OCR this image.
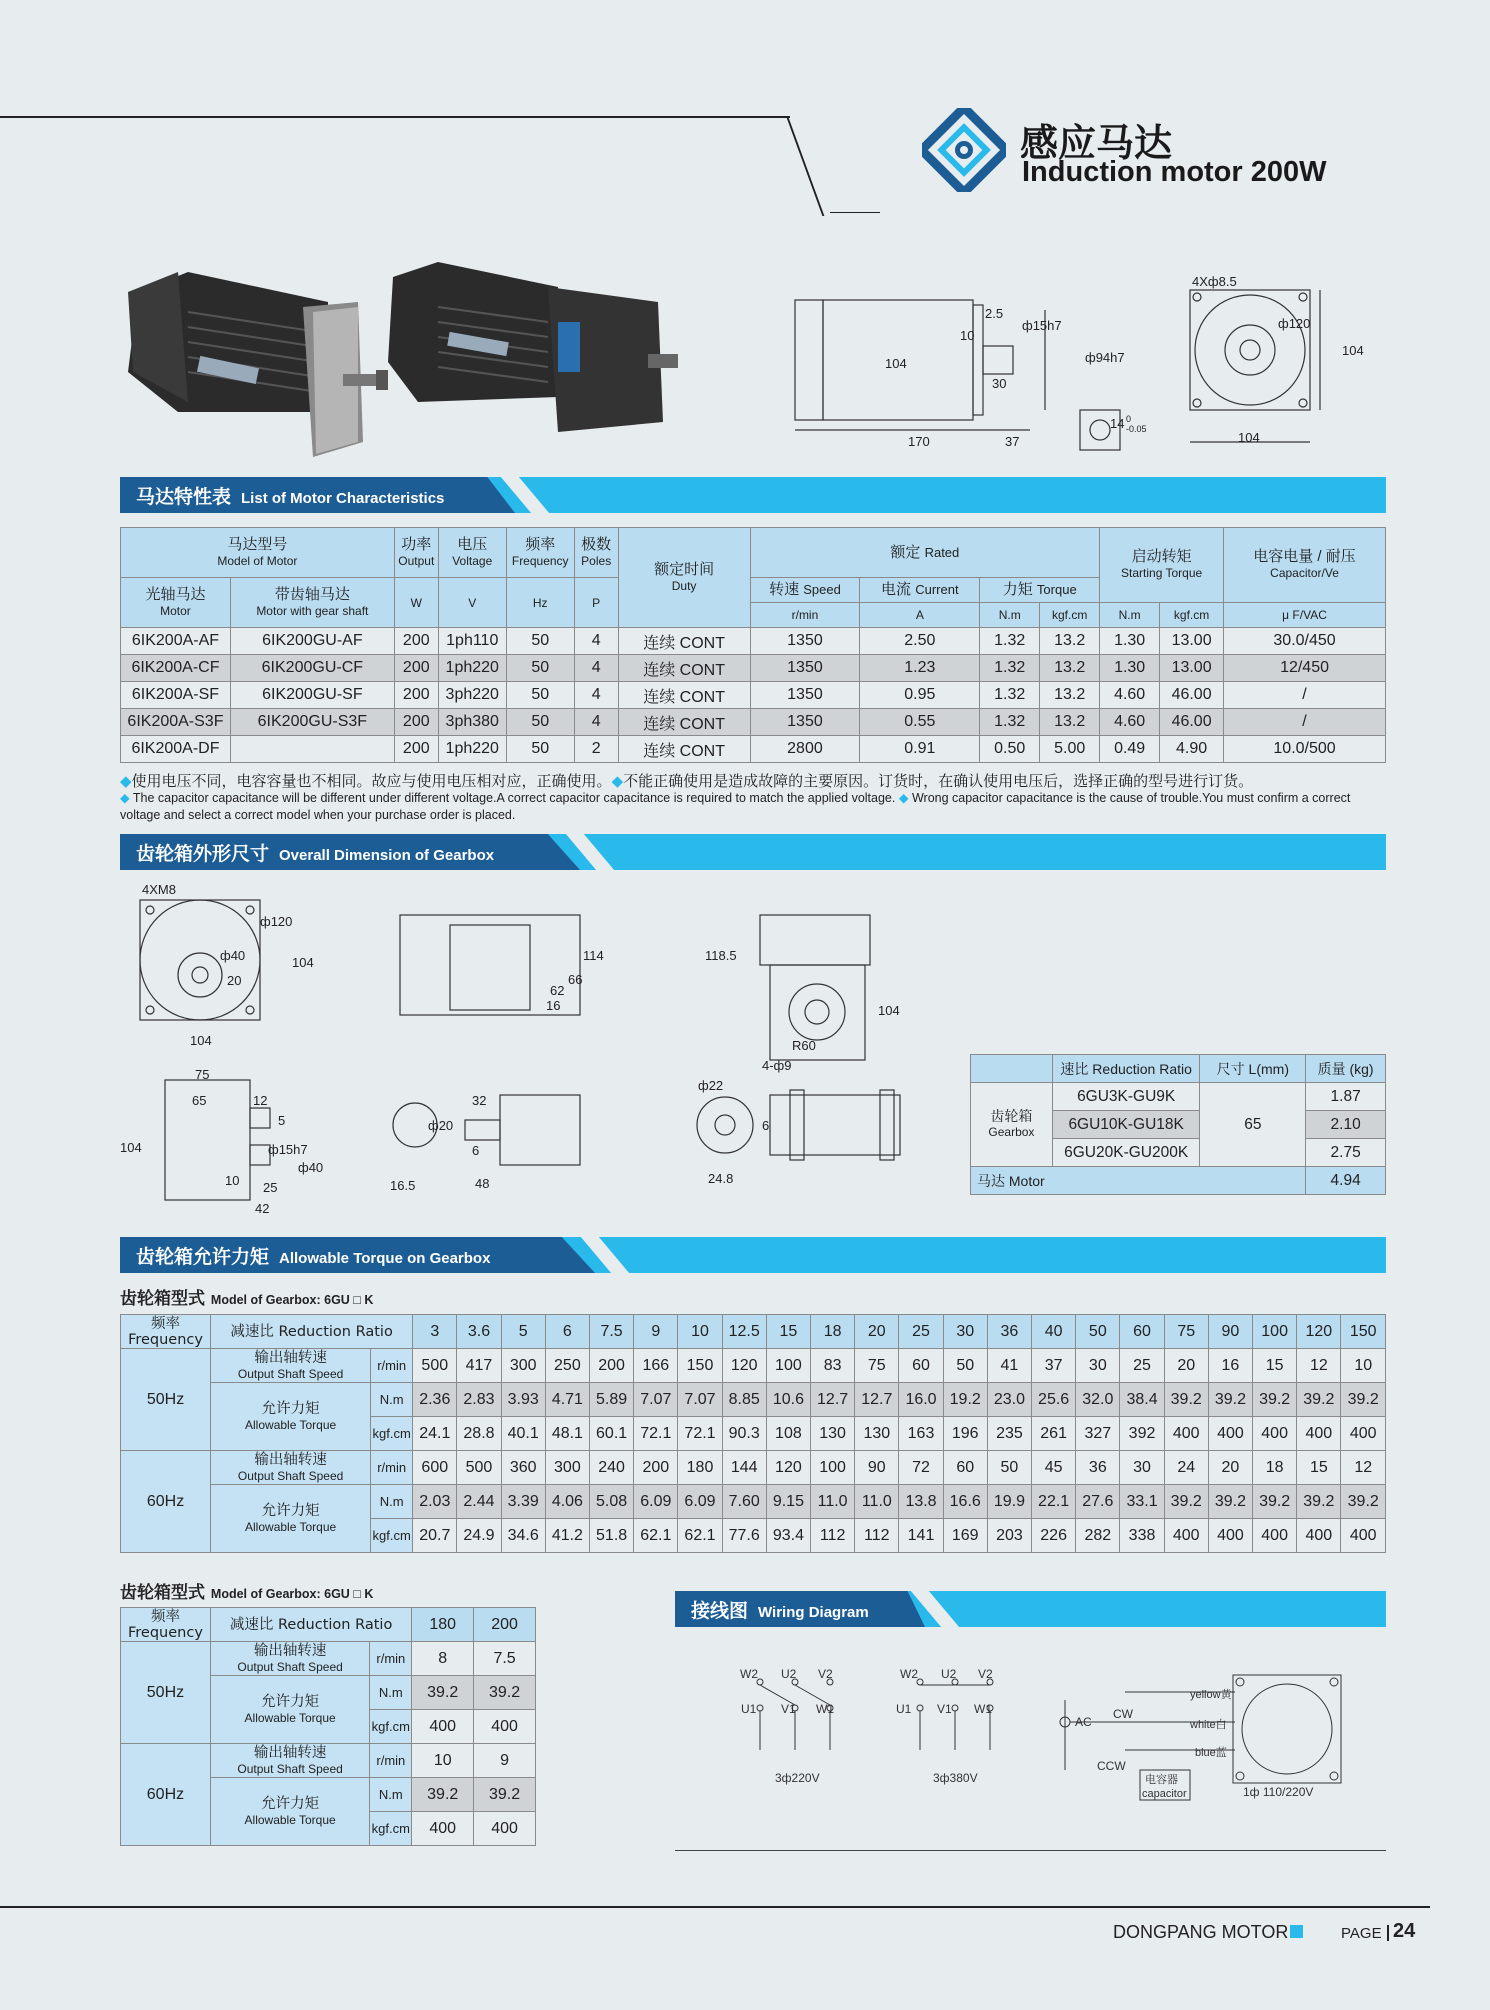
感应马达
Induction motor 200W
2.5
ф15h7
10
104	ф94h7
30
170	37
14 0
-0.05
4Xф8.5
ф120
104
104
马达特性表 List of Motor Characteristics
马达型号
Model of Motor		功率
Output	电压
Voltage	频率
Frequency	极数
Poles	额定时间
Duty	额定 Rated				启动转矩
Starting Torque		电容电量 / 耐压
Capacitor/Ve

光轴马达
Motor	带齿轴马达
Motor with gear shaft	W	V	Hz	P		转速 Speed	电流 Current	力矩 Torque				
							r/min	A	N.m	kgf.cm	N.m	kgf.cm	μ F/VAC
6IK200A-AF	6IK200GU-AF	200	1ph110	50	4	连续 CONT	1350	2.50	1.32	13.2	1.30	13.00	30.0/450
6IK200A-CF	6IK200GU-CF	200	1ph220	50	4	连续 CONT	1350	1.23	1.32	13.2	1.30	13.00	12/450
6IK200A-SF	6IK200GU-SF	200	3ph220	50	4	连续 CONT	1350	0.95	1.32	13.2	4.60	46.00	/
6IK200A-S3F	6IK200GU-S3F	200	3ph380	50	4	连续 CONT	1350	0.55	1.32	13.2	4.60	46.00	/
6IK200A-DF		200	1ph220	50	2	连续 CONT	2800	0.91	0.50	5.00	0.49	4.90	10.0/500
◆使用电压不同，电容容量也不相同。故应与使用电压相对应，正确使用。◆不能正确使用是造成故障的主要原因。订货时，在确认使用电压后，选择正确的型号进行订货。
◆ The capacitor capacitance will be different under different voltage.A correct capacitor capacitance is required to match the applied voltage. ◆ Wrong capacitor capacitance is the cause of trouble.You must confirm a correct voltage and select a correct model when your purchase order is placed.
齿轮箱外形尺寸 Overall Dimension of Gearbox
4XM8
ф120
ф40
20
104
104
114
66
62
16
118.5
104
R60
4-ф9
75
65	12
5
ф15h7
ф40
104
10 25
42
ф20
16.5
32
6
48
ф22
6
24.8
	速比 Reduction Ratio	尺寸 L(mm)	质量 (kg)
齿轮箱
Gearbox	6GU3K-GU9K	65	1.87
	6GU10K-GU18K		2.10
	6GU20K-GU200K		2.75
马达 Motor			4.94
齿轮箱允许力矩 Allowable Torque on Gearbox
齿轮箱型式 Model of Gearbox: 6GU □ K
频率 Frequency	减速比 Reduction Ratio		3	3.6	5	6	7.5	9	10	12.5	15	18	20	25	30	36	40	50	60	75	90	100	120	150
50Hz	输出轴转速
Output Shaft Speed	r/min	500	417	300	250	200	166	150	120	100	83	75	60	50	41	37	30	25	20	16	15	12	10
	允许力矩
Allowable Torque	N.m	2.36	2.83	3.93	4.71	5.89	7.07	7.07	8.85	10.6	12.7	12.7	16.0	19.2	23.0	25.6	32.0	38.4	39.2	39.2	39.2	39.2	39.2
		kgf.cm	24.1	28.8	40.1	48.1	60.1	72.1	72.1	90.3	108	130	130	163	196	235	261	327	392	400	400	400	400	400
60Hz	输出轴转速
Output Shaft Speed	r/min	600	500	360	300	240	200	180	144	120	100	90	72	60	50	45	36	30	24	20	18	15	12
	允许力矩
Allowable Torque	N.m	2.03	2.44	3.39	4.06	5.08	6.09	6.09	7.60	9.15	11.0	11.0	13.8	16.6	19.9	22.1	27.6	33.1	39.2	39.2	39.2	39.2	39.2
		kgf.cm	20.7	24.9	34.6	41.2	51.8	62.1	62.1	77.6	93.4	112	112	141	169	203	226	282	338	400	400	400	400	400
齿轮箱型式 Model of Gearbox: 6GU □ K
频率 Frequency	减速比 Reduction Ratio		180	200
50Hz	输出轴转速
Output Shaft Speed	r/min	8	7.5
	允许力矩
Allowable Torque	N.m	39.2	39.2
		kgf.cm	400	400
60Hz	输出轴转速
Output Shaft Speed	r/min	10	9
	允许力矩
Allowable Torque	N.m	39.2	39.2
		kgf.cm	400	400
接线图 Wiring Diagram
W2 U2 V2
U1 V1 W1
3ф220V
W2 U2 V2
U1 V1 W1
3ф380V
AC
CW
CCW
yellow黄
white白
blue蓝
电容器
capacitor	1ф 110/220V
DONGPANG MOTOR	PAGE 24
